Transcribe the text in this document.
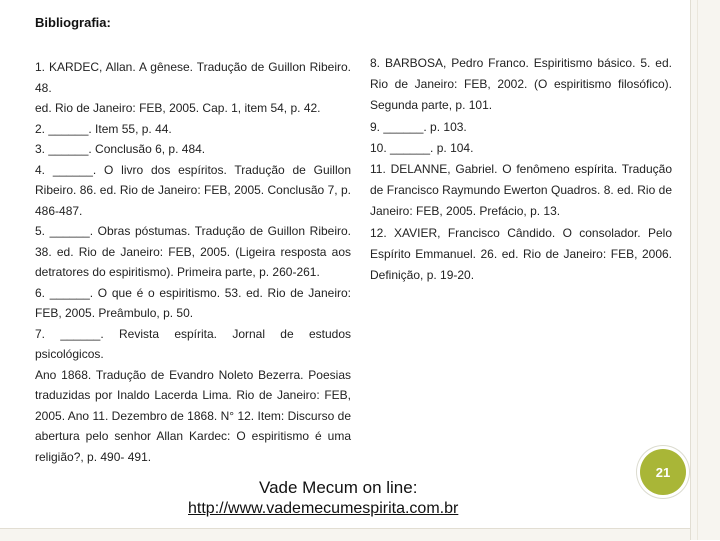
Bibliografia:

1. KARDEC, Allan. A gênese. Tradução de Guillon Ribeiro.

48.

ed. Rio de Janeiro: FEB, 2005. Cap. 1, item 54, p. 42.

2. ______. Item 55, p. 44.

3. ______. Conclusão 6, p. 484.

4. ______. O livro dos espíritos. Tradução de Guillon

Ribeiro. 86. ed. Rio de Janeiro: FEB, 2005. Conclusão 7, p.

486-487.

5. ______. Obras póstumas. Tradução de Guillon Ribeiro.

38. ed. Rio de Janeiro: FEB, 2005. (Ligeira resposta aos

detratores do espiritismo). Primeira parte, p. 260-261.

6. ______. O que é o espiritismo. 53. ed. Rio de Janeiro:

FEB, 2005. Preâmbulo, p. 50.

7. ______. Revista espírita. Jornal de estudos psicológicos.

Ano 1868. Tradução de Evandro Noleto Bezerra. Poesias

traduzidas por Inaldo Lacerda Lima. Rio de Janeiro: FEB,

2005. Ano 11. Dezembro de 1868. N° 12. Item: Discurso de

abertura pelo senhor Allan Kardec: O espiritismo é uma

religião?, p. 490- 491.

8. BARBOSA, Pedro Franco. Espiritismo básico. 5. ed.

Rio de Janeiro: FEB, 2002. (O espiritismo filosófico).

Segunda parte, p. 101.

9. ______. p. 103.

10. ______. p. 104.

11. DELANNE, Gabriel. O fenômeno espírita. Tradução

de Francisco Raymundo Ewerton Quadros. 8. ed. Rio de

Janeiro: FEB, 2005. Prefácio, p. 13.

12. XAVIER, Francisco Cândido. O consolador. Pelo

Espírito Emmanuel. 26. ed. Rio de Janeiro: FEB, 2006.

Definição, p. 19-20.

Vade Mecum on line:
http://www.vademecumespirita.com.br
21
